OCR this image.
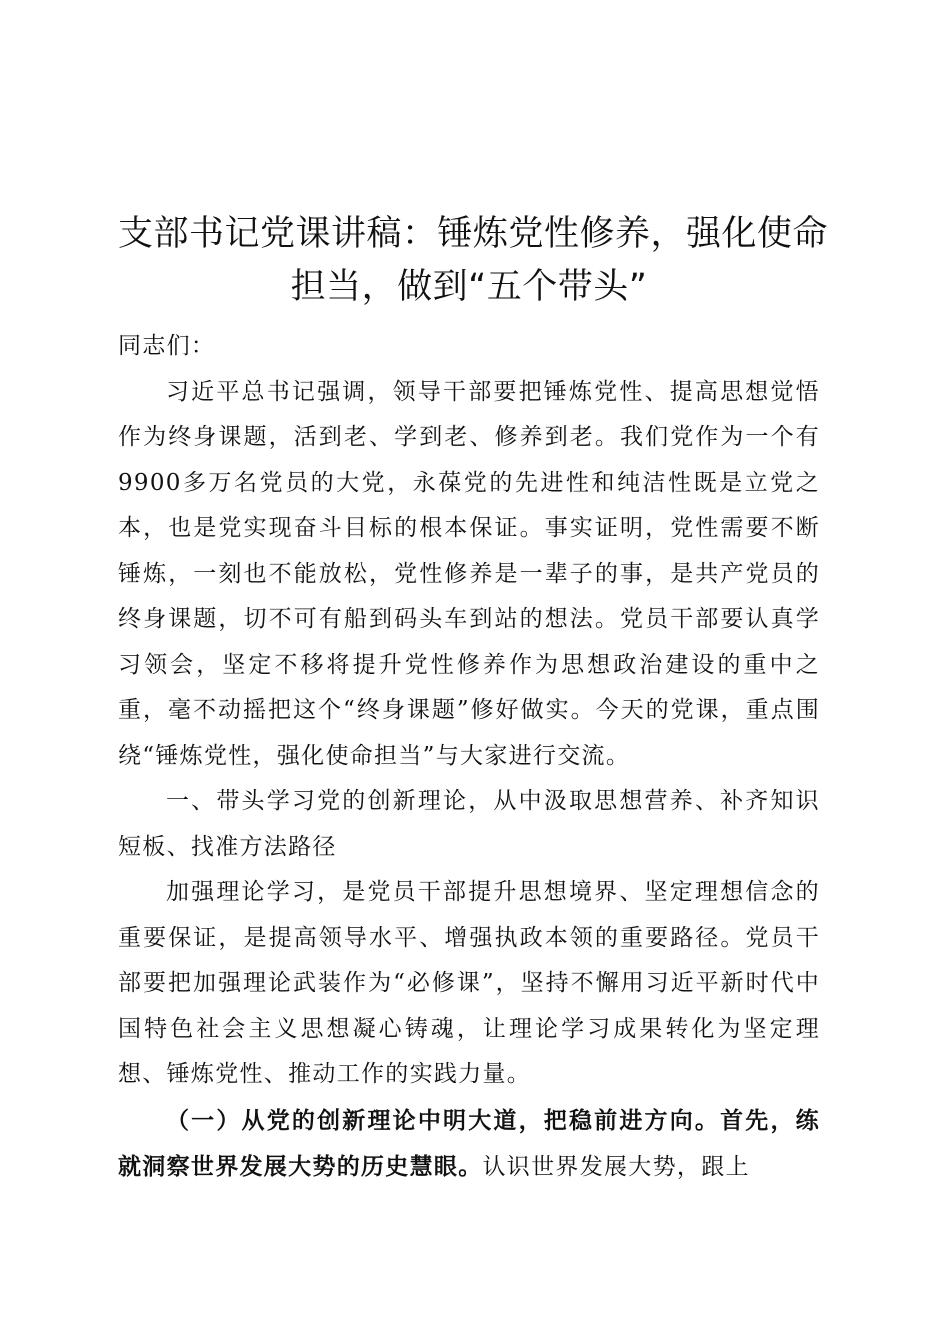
支部书记党课讲稿：锤炼党性修养，强化使命
担当，做到“五个带头”

同志们：

习近平总书记强调，领导干部要把锤炼党性、提高思想觉悟作为终身课题，活到老、学到老、修养到老。我们党作为一个有9900多万名党员的大党，永葆党的先进性和纯洁性既是立党之本，也是党实现奋斗目标的根本保证。事实证明，党性需要不断锤炼，一刻也不能放松，党性修养是一辈子的事，是共产党员的终身课题，切不可有船到码头车到站的想法。党员干部要认真学习领会，坚定不移将提升党性修养作为思想政治建设的重中之重，毫不动摇把这个“终身课题”修好做实。今天的党课，重点围绕“锤炼党性，强化使命担当”与大家进行交流。

一、带头学习党的创新理论，从中汲取思想营养、补齐知识短板、找准方法路径

加强理论学习，是党员干部提升思想境界、坚定理想信念的重要保证，是提高领导水平、增强执政本领的重要路径。党员干部要把加强理论武装作为“必修课”，坚持不懈用习近平新时代中国特色社会主义思想凝心铸魂，让理论学习成果转化为坚定理想、锤炼党性、推动工作的实践力量。

（一）从党的创新理论中明大道，把稳前进方向。首先，练就洞察世界发展大势的历史慧眼。认识世界发展大势，跟上
